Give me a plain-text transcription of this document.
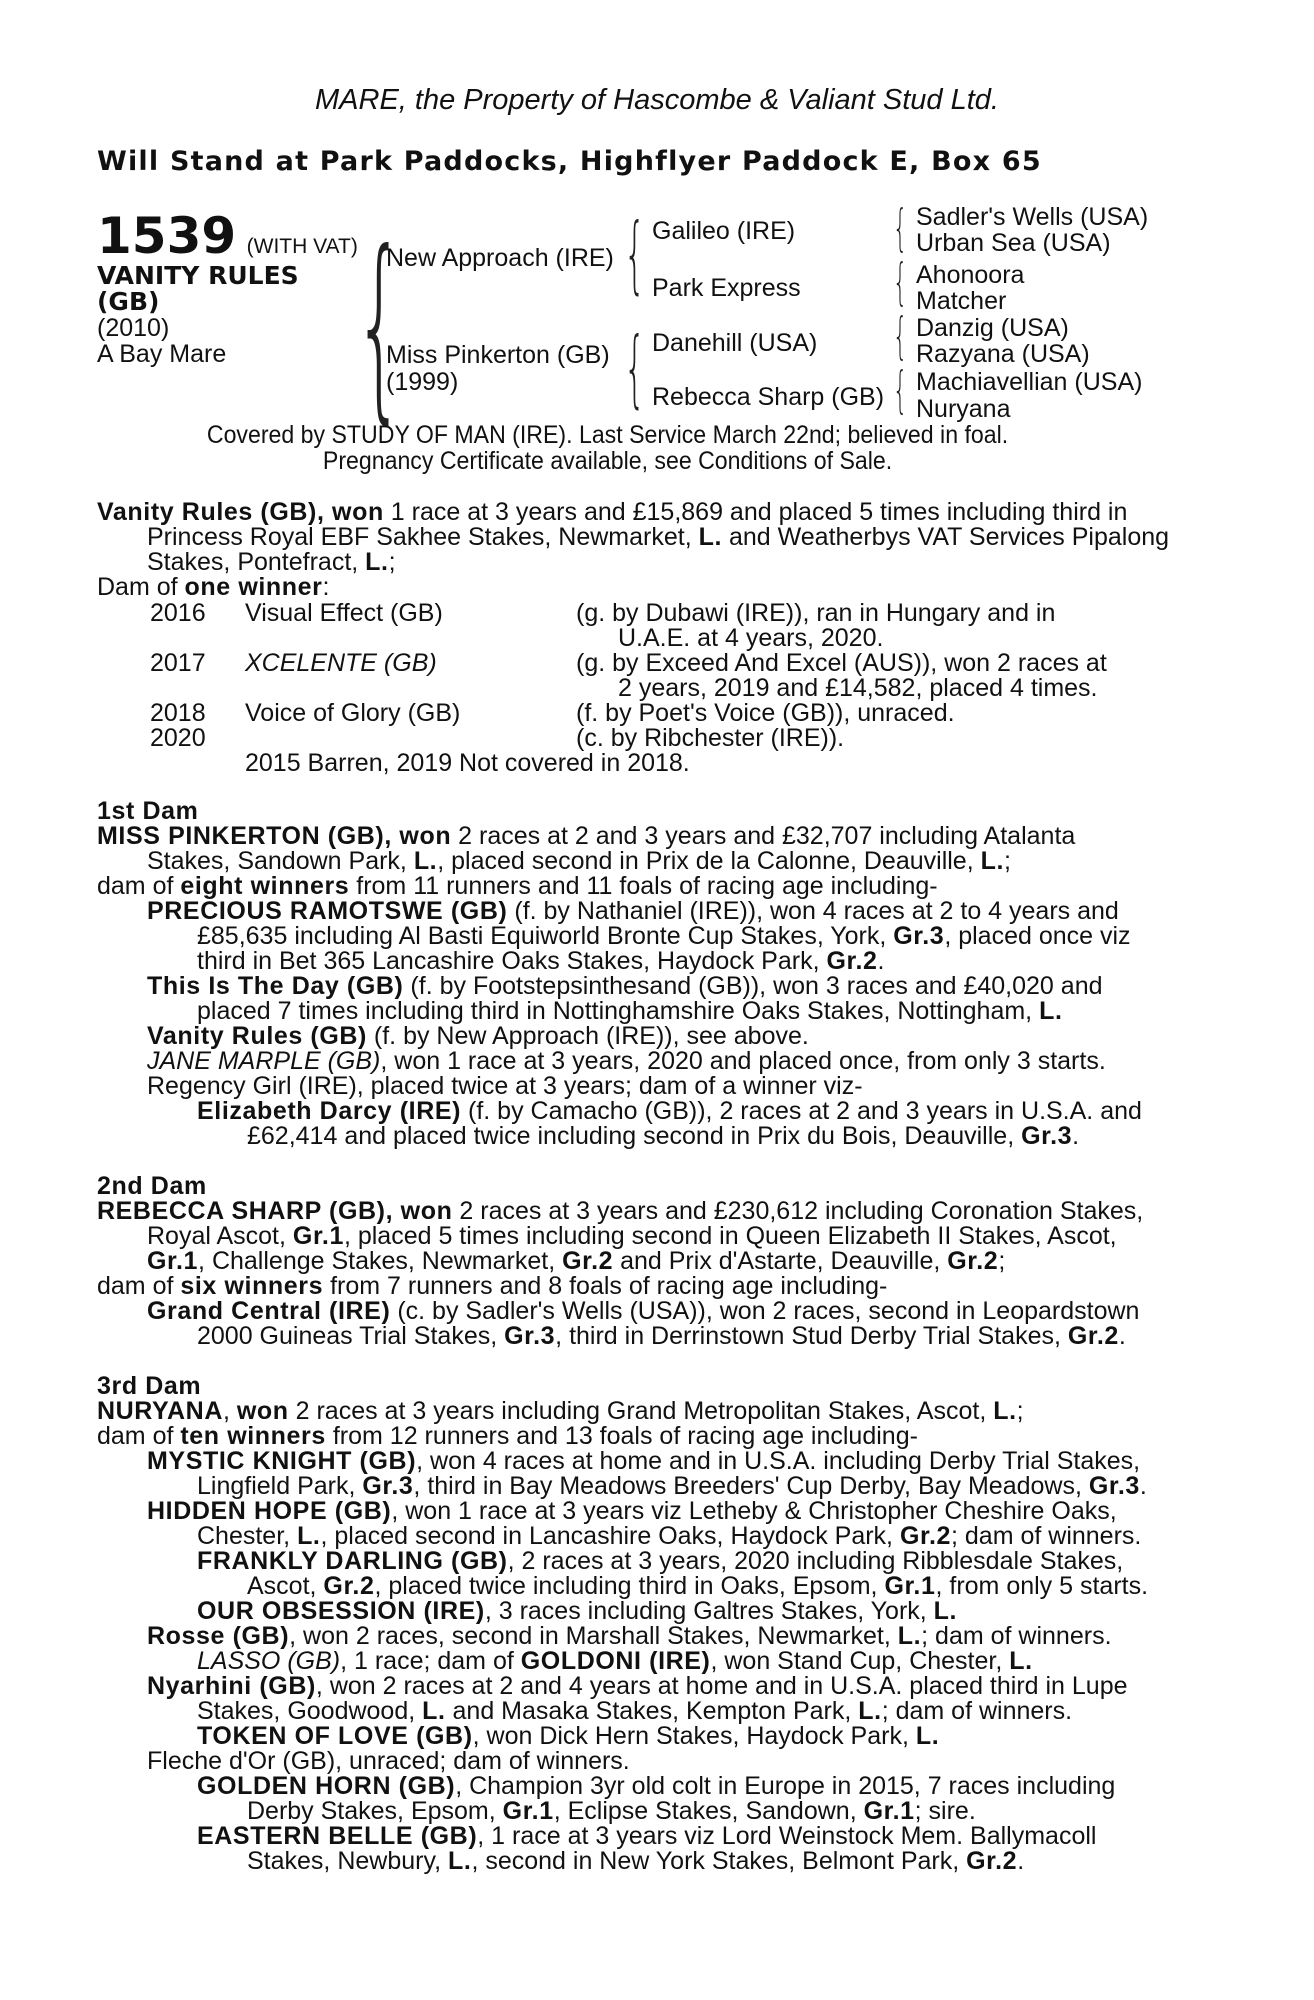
MARE, the Property of Hascombe & Valiant Stud Ltd.
Will Stand at Park Paddocks, Highflyer Paddock E, Box 65
1539 (WITH VAT)
VANITY RULES
(GB)
(2010)
A Bay Mare {
New Approach (IRE)
Miss Pinkerton (GB)
(1999)
{
{
Galileo (IRE)
Park Express
Danehill (USA)
Rebecca Sharp (GB)
{
{
{
{
Sadler's Wells (USA)
Urban Sea (USA)
Ahonoora
Matcher
Danzig (USA)
Razyana (USA)
Machiavellian (USA)
Nuryana
Covered by STUDY OF MAN (IRE). Last Service March 22nd; believed in foal.
Pregnancy Certificate available, see Conditions of Sale.
Vanity Rules (GB), won 1 race at 3 years and £15,869 and placed 5 times including third in
Princess Royal EBF Sakhee Stakes, Newmarket, L. and Weatherbys VAT Services Pipalong
Stakes, Pontefract, L.;
Dam of one winner:
2016 Visual Effect (GB)	(g. by Dubawi (IRE)), ran in Hungary and in
U.A.E. at 4 years, 2020.
2017 XCELENTE (GB)	(g. by Exceed And Excel (AUS)), won 2 races at
2 years, 2019 and £14,582, placed 4 times.
2018 Voice of Glory (GB)	(f. by Poet's Voice (GB)), unraced.
2020	(c. by Ribchester (IRE)).
2015 Barren, 2019 Not covered in 2018.
1st Dam
MISS PINKERTON (GB), won 2 races at 2 and 3 years and £32,707 including Atalanta
Stakes, Sandown Park, L., placed second in Prix de la Calonne, Deauville, L.;
dam of eight winners from 11 runners and 11 foals of racing age including-
PRECIOUS RAMOTSWE (GB) (f. by Nathaniel (IRE)), won 4 races at 2 to 4 years and
£85,635 including Al Basti Equiworld Bronte Cup Stakes, York, Gr.3, placed once viz
third in Bet 365 Lancashire Oaks Stakes, Haydock Park, Gr.2.
This Is The Day (GB) (f. by Footstepsinthesand (GB)), won 3 races and £40,020 and
placed 7 times including third in Nottinghamshire Oaks Stakes, Nottingham, L.
Vanity Rules (GB) (f. by New Approach (IRE)), see above.
JANE MARPLE (GB), won 1 race at 3 years, 2020 and placed once, from only 3 starts.
Regency Girl (IRE), placed twice at 3 years; dam of a winner viz-
Elizabeth Darcy (IRE) (f. by Camacho (GB)), 2 races at 2 and 3 years in U.S.A. and
£62,414 and placed twice including second in Prix du Bois, Deauville, Gr.3.
2nd Dam
REBECCA SHARP (GB), won 2 races at 3 years and £230,612 including Coronation Stakes,
Royal Ascot, Gr.1, placed 5 times including second in Queen Elizabeth II Stakes, Ascot,
Gr.1, Challenge Stakes, Newmarket, Gr.2 and Prix d'Astarte, Deauville, Gr.2;
dam of six winners from 7 runners and 8 foals of racing age including-
Grand Central (IRE) (c. by Sadler's Wells (USA)), won 2 races, second in Leopardstown
2000 Guineas Trial Stakes, Gr.3, third in Derrinstown Stud Derby Trial Stakes, Gr.2.
3rd Dam
NURYANA, won 2 races at 3 years including Grand Metropolitan Stakes, Ascot, L.;
dam of ten winners from 12 runners and 13 foals of racing age including-
MYSTIC KNIGHT (GB), won 4 races at home and in U.S.A. including Derby Trial Stakes,
Lingfield Park, Gr.3, third in Bay Meadows Breeders' Cup Derby, Bay Meadows, Gr.3.
HIDDEN HOPE (GB), won 1 race at 3 years viz Letheby & Christopher Cheshire Oaks,
Chester, L., placed second in Lancashire Oaks, Haydock Park, Gr.2; dam of winners.
FRANKLY DARLING (GB), 2 races at 3 years, 2020 including Ribblesdale Stakes,
Ascot, Gr.2, placed twice including third in Oaks, Epsom, Gr.1, from only 5 starts.
OUR OBSESSION (IRE), 3 races including Galtres Stakes, York, L.
Rosse (GB), won 2 races, second in Marshall Stakes, Newmarket, L.; dam of winners.
LASSO (GB), 1 race; dam of GOLDONI (IRE), won Stand Cup, Chester, L.
Nyarhini (GB), won 2 races at 2 and 4 years at home and in U.S.A. placed third in Lupe
Stakes, Goodwood, L. and Masaka Stakes, Kempton Park, L.; dam of winners.
TOKEN OF LOVE (GB), won Dick Hern Stakes, Haydock Park, L.
Fleche d'Or (GB), unraced; dam of winners.
GOLDEN HORN (GB), Champion 3yr old colt in Europe in 2015, 7 races including
Derby Stakes, Epsom, Gr.1, Eclipse Stakes, Sandown, Gr.1; sire.
EASTERN BELLE (GB), 1 race at 3 years viz Lord Weinstock Mem. Ballymacoll
Stakes, Newbury, L., second in New York Stakes, Belmont Park, Gr.2.
